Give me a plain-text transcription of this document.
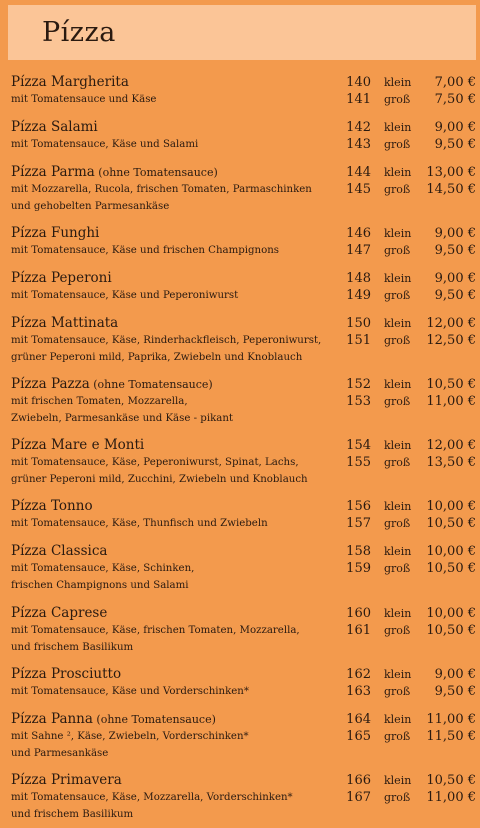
Pízza
Pízza Margherita
mit Tomatensauce und Käse
140 klein 7,00 €
141 groß 7,50 €
Pízza Salami
mit Tomatensauce, Käse und Salami
142 klein 9,00 €
143 groß 9,50 €
Pízza Parma (ohne Tomatensauce)
mit Mozzarella, Rucola, frischen Tomaten, Parmaschinken
und gehobelten Parmesankäse
144 klein 13,00 €
145 groß 14,50 €
Pízza Funghi
mit Tomatensauce, Käse und frischen Champignons
146 klein 9,00 €
147 groß 9,50 €
Pízza Peperoni
mit Tomatensauce, Käse und Peperoniwurst
148 klein 9,00 €
149 groß 9,50 €
Pízza Mattinata
mit Tomatensauce, Käse, Rinderhackfleisch, Peperoniwurst,
grüner Peperoni mild, Paprika, Zwiebeln und Knoblauch
150 klein 12,00 €
151 groß 12,50 €
Pízza Pazza (ohne Tomatensauce)
mit frischen Tomaten, Mozzarella,
Zwiebeln, Parmesankäse und Käse - pikant
152 klein 10,50 €
153 groß 11,00 €
Pízza Mare e Monti
mit Tomatensauce, Käse, Peperoniwurst, Spinat, Lachs,
grüner Peperoni mild, Zucchini, Zwiebeln und Knoblauch
154 klein 12,00 €
155 groß 13,50 €
Pízza Tonno
mit Tomatensauce, Käse, Thunfisch und Zwiebeln
156 klein 10,00 €
157 groß 10,50 €
Pízza Classica
mit Tomatensauce, Käse, Schinken,
frischen Champignons und Salami
158 klein 10,00 €
159 groß 10,50 €
Pízza Caprese
mit Tomatensauce, Käse, frischen Tomaten, Mozzarella,
und frischem Basilikum
160 klein 10,00 €
161 groß 10,50 €
Pízza Prosciutto
mit Tomatensauce, Käse und Vorderschinken*
162 klein 9,00 €
163 groß 9,50 €
Pízza Panna (ohne Tomatensauce)
mit Sahne ², Käse, Zwiebeln, Vorderschinken*
und Parmesankäse
164 klein 11,00 €
165 groß 11,50 €
Pízza Primavera
mit Tomatensauce, Käse, Mozzarella, Vorderschinken*
und frischem Basilikum
166 klein 10,50 €
167 groß 11,00 €
